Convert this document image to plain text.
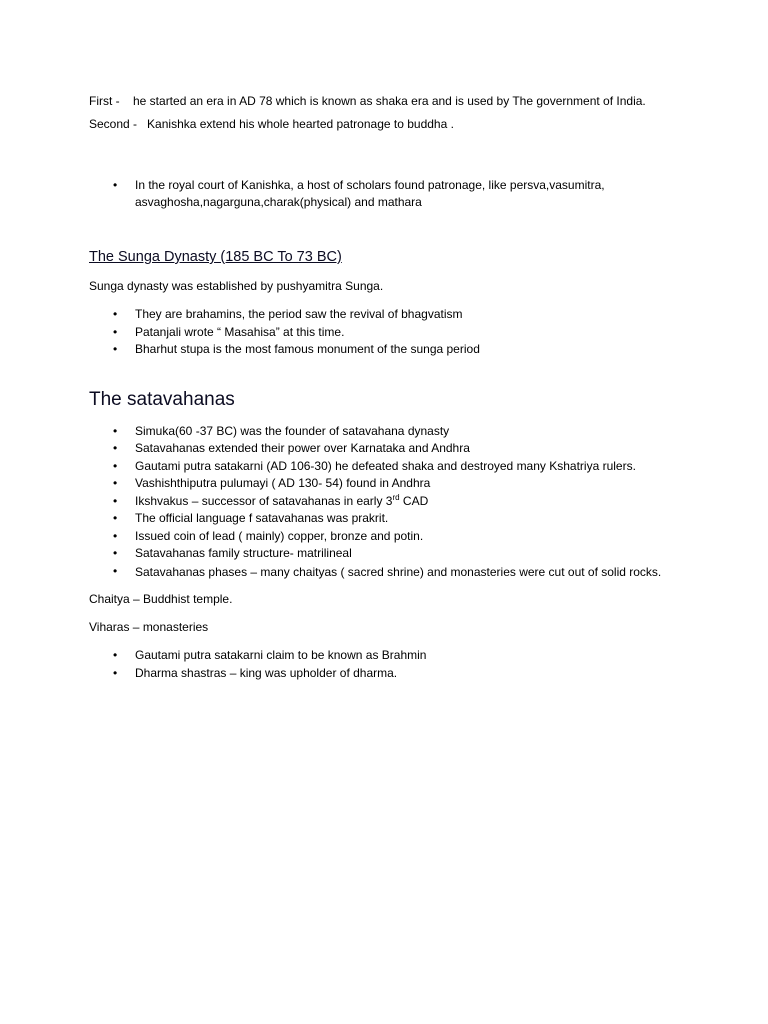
First - he started an era in AD 78 which is known as shaka era and is used by The government of India.

Second - Kanishka extend his whole hearted patronage to buddha .

• In the royal court of Kanishka, a host of scholars found patronage, like persva,vasumitra, asvaghosha,nagarguna,charak(physical) and mathara
The Sunga Dynasty (185 BC To 73 BC)

Sunga dynasty was established by pushyamitra Sunga.

• They are brahamins, the period saw the revival of bhagvatism
• Patanjali wrote “ Masahisa” at this time.
• Bharhut stupa is the most famous monument of the sunga period
The satavahanas
• Simuka(60 -37 BC) was the founder of satavahana dynasty
• Satavahanas extended their power over Karnataka and Andhra
• Gautami putra satakarni (AD 106-30) he defeated shaka and destroyed many Kshatriya rulers.
• Vashishthiputra pulumayi ( AD 130- 54) found in Andhra
• Ikshvakus – successor of satavahanas in early 3rd CAD
• The official language f satavahanas was prakrit.
• Issued coin of lead ( mainly) copper, bronze and potin.
• Satavahanas family structure- matrilineal
• Satavahanas phases – many chaityas ( sacred shrine) and monasteries were cut out of solid rocks.

Chaitya – Buddhist temple.

Viharas – monasteries

• Gautami putra satakarni claim to be known as Brahmin
• Dharma shastras – king was upholder of dharma.
